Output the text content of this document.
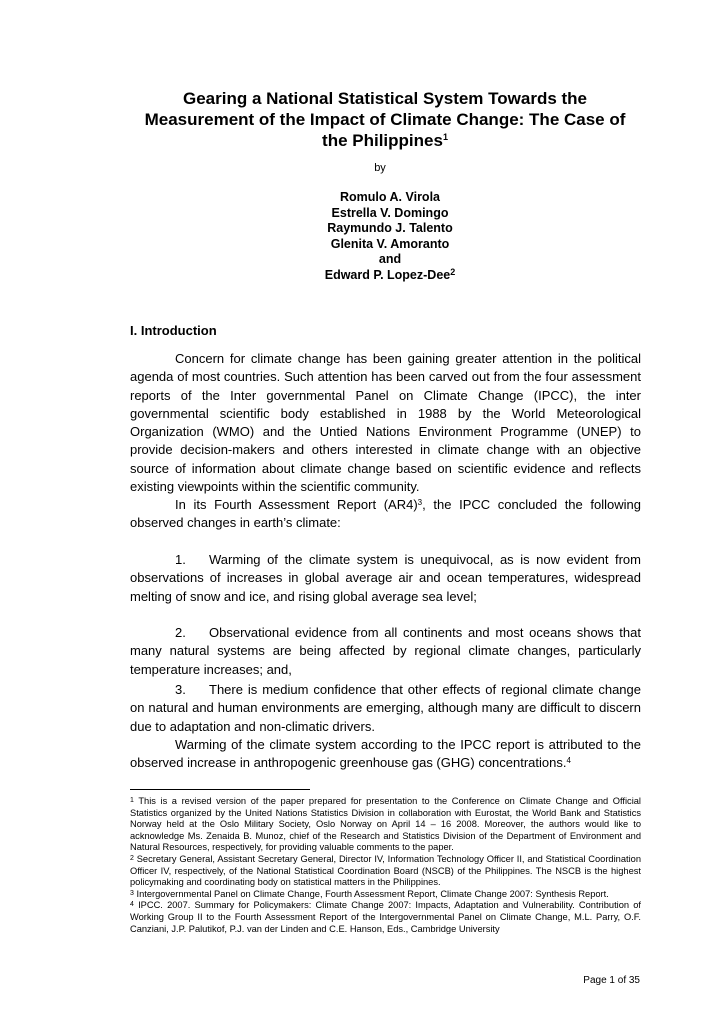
Gearing a National Statistical System Towards the Measurement of the Impact of Climate Change: The Case of the Philippines$^1$
by
Romulo A. Virola
Estrella V. Domingo
Raymundo J. Talento
Glenita V. Amoranto
and
Edward P. Lopez-Dee$^2$
I. Introduction

Concern for climate change has been gaining greater attention in the political agenda of most countries. Such attention has been carved out from the four assessment reports of the Inter governmental Panel on Climate Change (IPCC), the inter governmental scientific body established in 1988 by the World Meteorological Organization (WMO) and the Untied Nations Environment Programme (UNEP) to provide decision-makers and others interested in climate change with an objective source of information about climate change based on scientific evidence and reflects existing viewpoints within the scientific community.

In its Fourth Assessment Report $(AR4)^3$, the IPCC concluded the following observed changes in earth’s climate:

1. Warming of the climate system is unequivocal, as is now evident from observations of increases in global average air and ocean temperatures, widespread melting of snow and ice, and rising global average sea level;

2. Observational evidence from all continents and most oceans shows that many natural systems are being affected by regional climate changes, particularly temperature increases; and,

3. There is medium confidence that other effects of regional climate change on natural and human environments are emerging, although many are difficult to discern due to adaptation and non-climatic drivers.

Warming of the climate system according to the IPCC report is attributed to the observed increase in anthropogenic greenhouse gas (GHG) concentrations.$^4$

$^1$ This is a revised version of the paper prepared for presentation to the Conference on Climate Change and Official Statistics organized by the United Nations Statistics Division in collaboration with Eurostat, the World Bank and Statistics Norway held at the Oslo Military Society, Oslo Norway on April 14 – 16 2008. Moreover, the authors would like to acknowledge Ms. Zenaida B. Munoz, chief of the Research and Statistics Division of the Department of Environment and Natural Resources, respectively, for providing valuable comments to the paper.

$^2$ Secretary General, Assistant Secretary General, Director IV, Information Technology Officer II, and Statistical Coordination Officer IV, respectively, of the National Statistical Coordination Board (NSCB) of the Philippines. The NSCB is the highest policymaking and coordinating body on statistical matters in the Philippines.

$^3$ Intergovernmental Panel on Climate Change, Fourth Assessment Report, Climate Change 2007: Synthesis Report.

$^4$ IPCC. 2007. Summary for Policymakers: Climate Change 2007: Impacts, Adaptation and Vulnerability. Contribution of Working Group II to the Fourth Assessment Report of the Intergovernmental Panel on Climate Change, M.L. Parry, O.F. Canziani, J.P. Palutikof, P.J. van der Linden and C.E. Hanson, Eds., Cambridge University

Page 1 of 35
